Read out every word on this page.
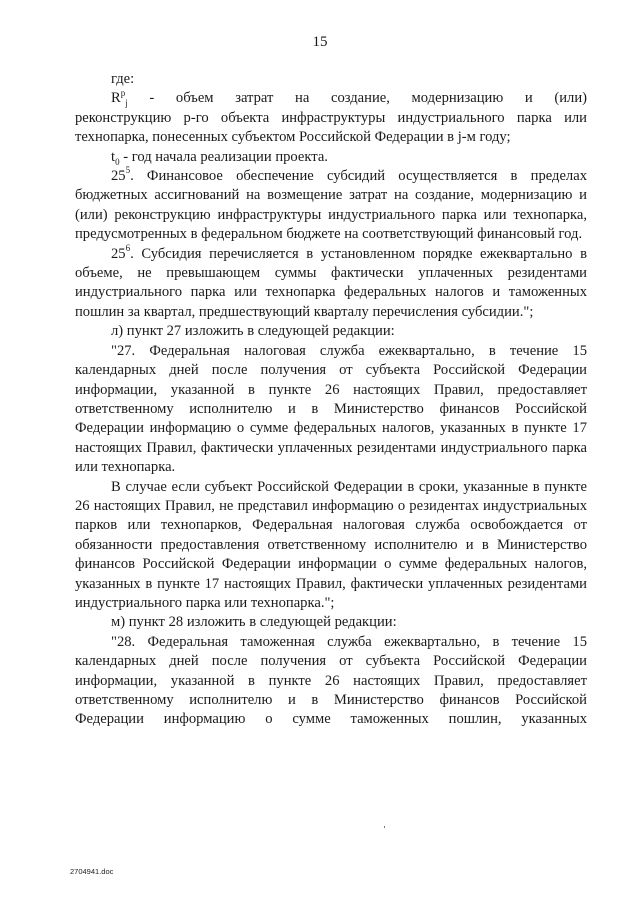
15

где:

$R^p_j$ - объем затрат на создание, модернизацию и (или)

реконструкцию p-го объекта инфраструктуры индустриального парка или технопарка, понесенных субъектом Российской Федерации в j-м году;

$t_0$ - год начала реализации проекта.

$25^5$. Финансовое обеспечение субсидий осуществляется в пределах бюджетных ассигнований на возмещение затрат на создание, модернизацию и (или) реконструкцию инфраструктуры индустриального парка или технопарка, предусмотренных в федеральном бюджете на соответствующий финансовый год.

$25^6$. Субсидия перечисляется в установленном порядке ежеквартально в объеме, не превышающем суммы фактически уплаченных резидентами индустриального парка или технопарка федеральных налогов и таможенных пошлин за квартал, предшествующий кварталу перечисления субсидии.";

л) пункт 27 изложить в следующей редакции:

"27. Федеральная налоговая служба ежеквартально, в течение 15 календарных дней после получения от субъекта Российской Федерации информации, указанной в пункте 26 настоящих Правил, предоставляет ответственному исполнителю и в Министерство финансов Российской Федерации информацию о сумме федеральных налогов, указанных в пункте 17 настоящих Правил, фактически уплаченных резидентами индустриального парка или технопарка.

В случае если субъект Российской Федерации в сроки, указанные в пункте 26 настоящих Правил, не представил информацию о резидентах индустриальных парков или технопарков, Федеральная налоговая служба освобождается от обязанности предоставления ответственному исполнителю и в Министерство финансов Российской Федерации информации о сумме федеральных налогов, указанных в пункте 17 настоящих Правил, фактически уплаченных резидентами индустриального парка или технопарка.";

м) пункт 28 изложить в следующей редакции:

"28. Федеральная таможенная служба ежеквартально, в течение 15 календарных дней после получения от субъекта Российской Федерации информации, указанной в пункте 26 настоящих Правил, предоставляет ответственному исполнителю и в Министерство финансов Российской Федерации информацию о сумме таможенных пошлин, указанных

2704941.doc
